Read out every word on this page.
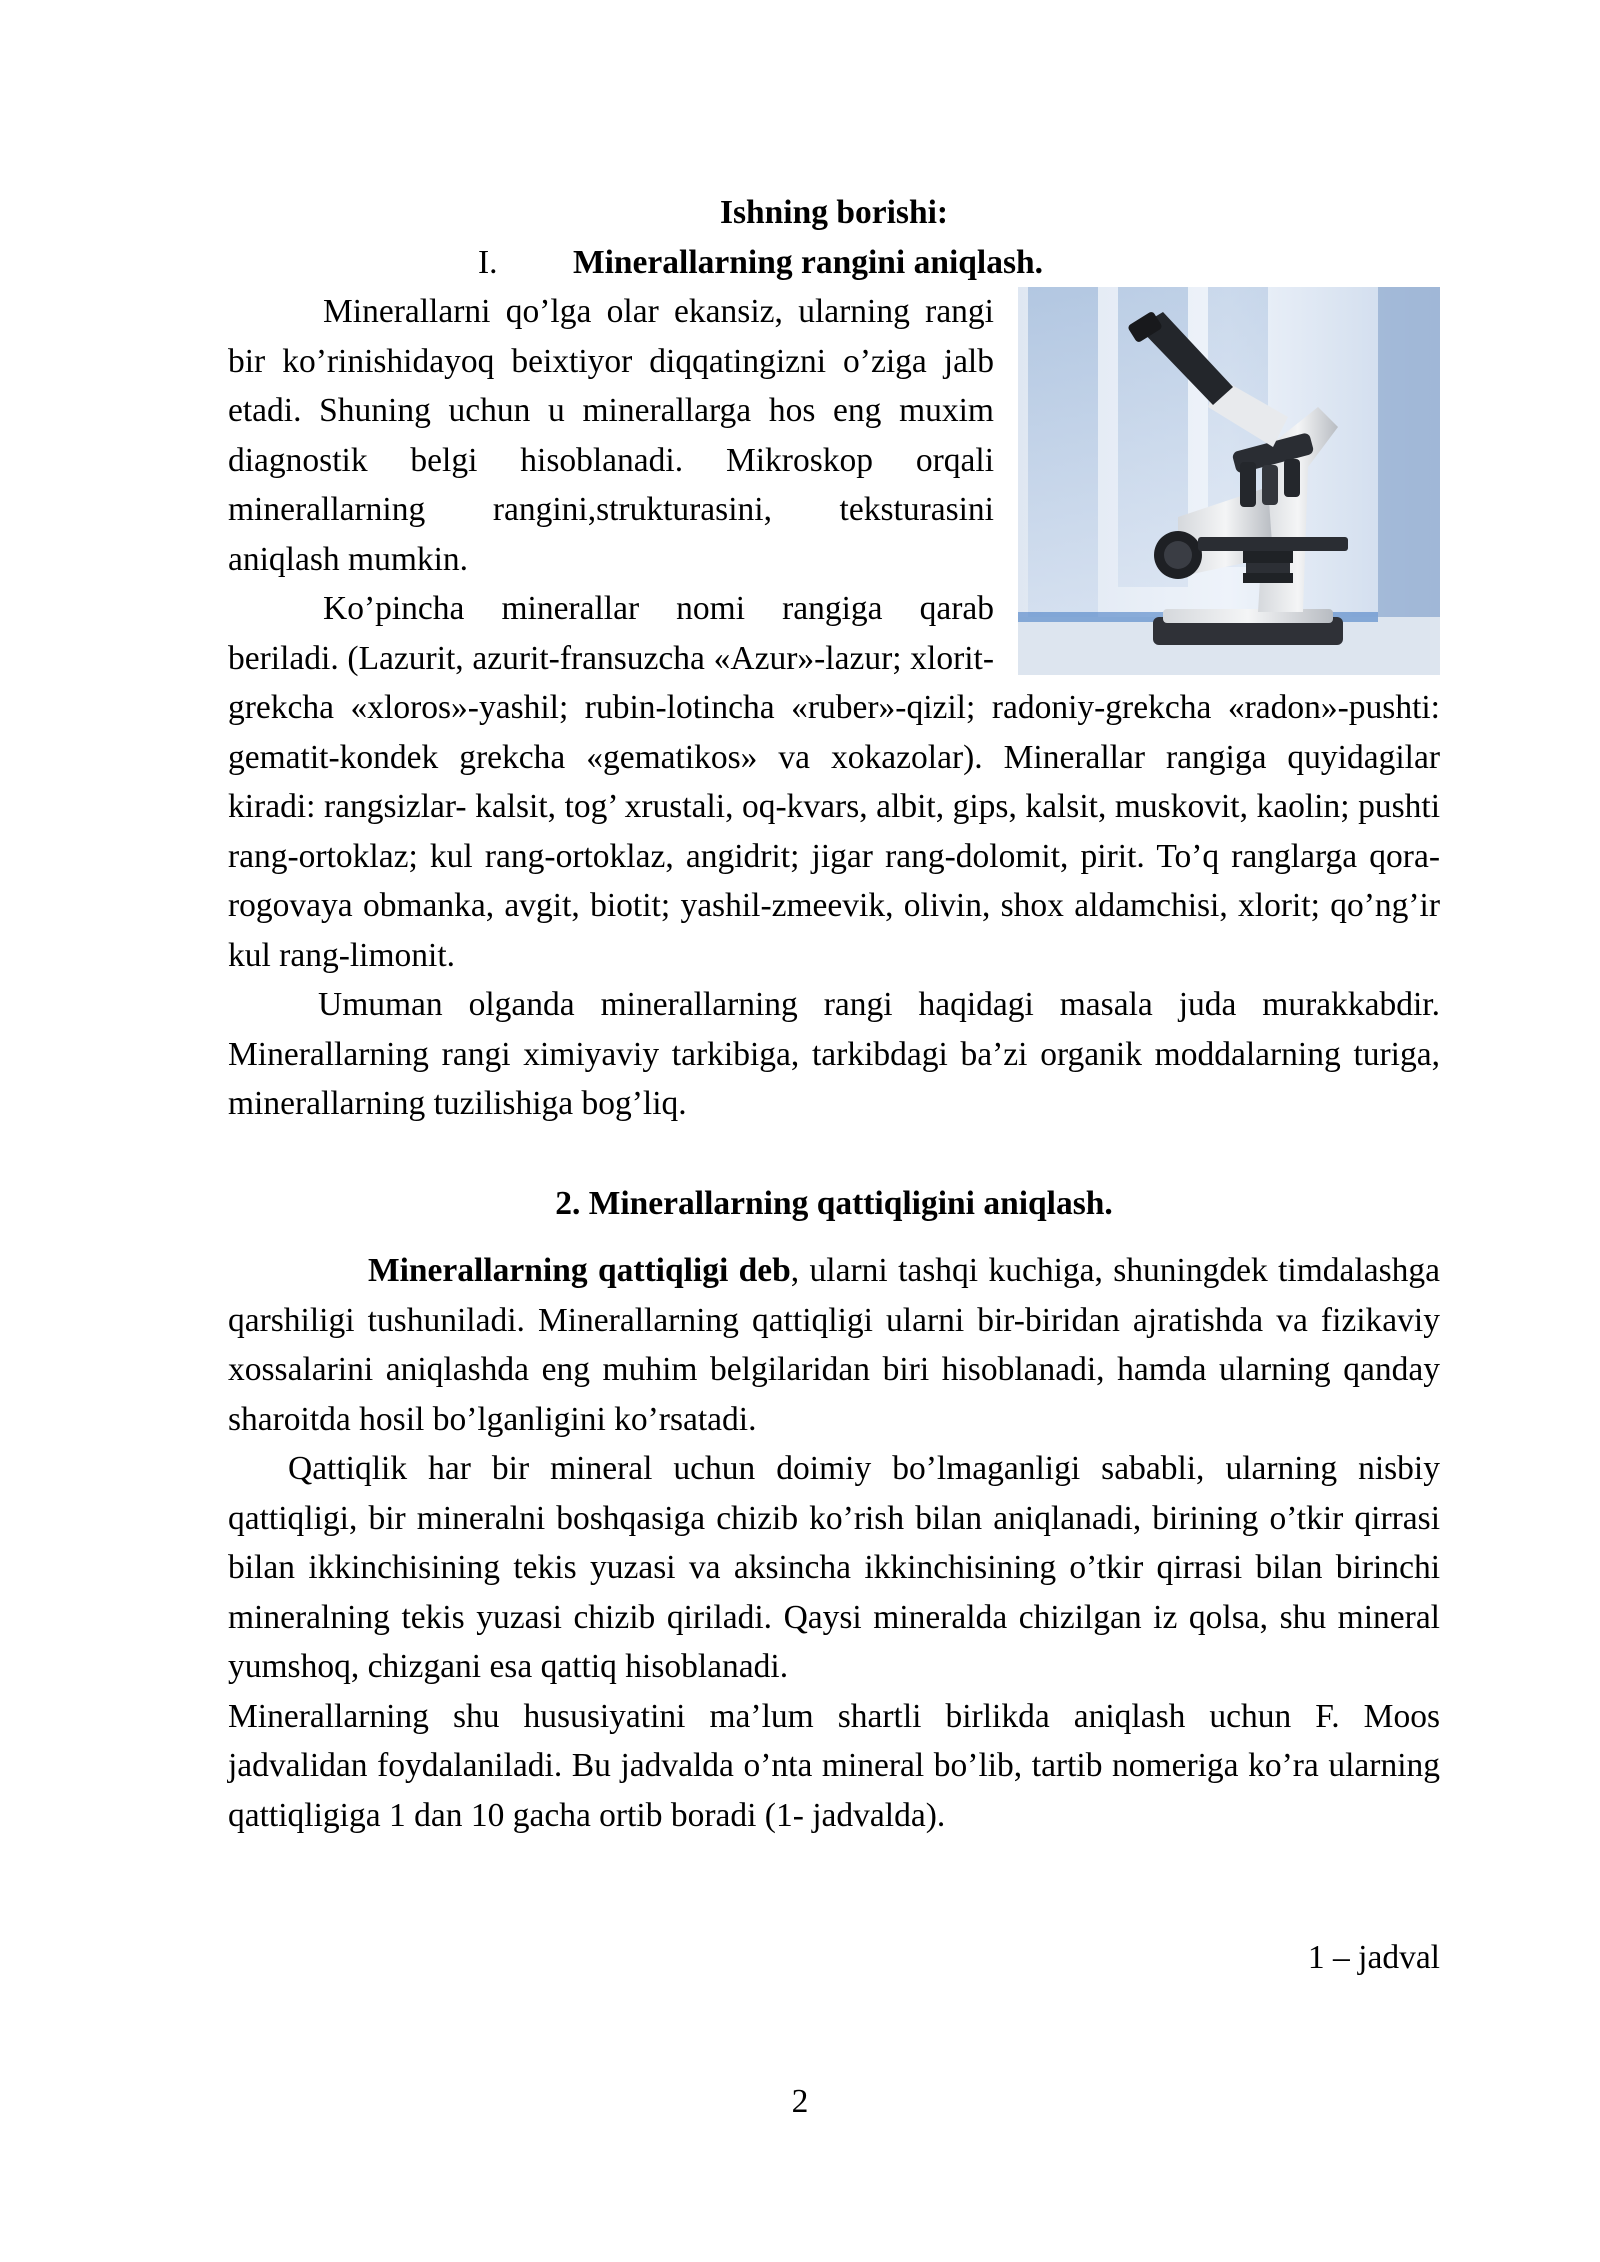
Ishning borishi:

I. Minerallarning rangini aniqlash.

Minerallarni qo’lga olar ekansiz, ularning rangi bir ko’rinishidayoq beixtiyor diqqatingizni o’ziga jalb etadi. Shuning uchun u minerallarga hos eng muxim diagnostik belgi hisoblanadi. Mikroskop orqali minerallarning rangini,strukturasini, teksturasini aniqlash mumkin.

Ko’pincha minerallar nomi rangiga qarab beriladi. (Lazurit, azurit-fransuzcha «Azur»-lazur; xlorit-grekcha «xloros»-yashil; rubin-lotincha «ruber»-qizil; radoniy-grekcha «radon»-pushti: gematit-kondek grekcha «gematikos» va xokazolar). Minerallar rangiga quyidagilar kiradi: rangsizlar- kalsit, tog’ xrustali, oq-kvars, albit, gips, kalsit, muskovit, kaolin; pushti rang-ortoklaz; kul rang-ortoklaz, angidrit; jigar rang-dolomit, pirit. To’q ranglarga qora-rogovaya obmanka, avgit, biotit; yashil-zmeevik, olivin, shox aldamchisi, xlorit; qo’ng’ir kul rang-limonit.

Umuman olganda minerallarning rangi haqidagi masala juda murakkabdir. Minerallarning rangi ximiyaviy tarkibiga, tarkibdagi ba’zi organik moddalarning turiga, minerallarning tuzilishiga bog’liq.

2. Minerallarning qattiqligini aniqlash.

Minerallarning qattiqligi deb, ularni tashqi kuchiga, shuningdek timdalashga qarshiligi tushuniladi. Minerallarning qattiqligi ularni bir-biridan ajratishda va fizikaviy xossalarini aniqlashda eng muhim belgilaridan biri hisoblanadi, hamda ularning qanday sharoitda hosil bo’lganligini ko’rsatadi.

Qattiqlik har bir mineral uchun doimiy bo’lmaganligi sababli, ularning nisbiy qattiqligi, bir mineralni boshqasiga chizib ko’rish bilan aniqlanadi, birining o’tkir qirrasi bilan ikkinchisining tekis yuzasi va aksincha ikkinchisining o’tkir qirrasi bilan birinchi mineralning tekis yuzasi chizib qiriladi. Qaysi mineralda chizilgan iz qolsa, shu mineral yumshoq, chizgani esa qattiq hisoblanadi.

Minerallarning shu hususiyatini ma’lum shartli birlikda aniqlash uchun F. Moos jadvalidan foydalaniladi. Bu jadvalda o’nta mineral bo’lib, tartib nomeriga ko’ra ularning qattiqligiga 1 dan 10 gacha ortib boradi (1- jadvalda).

1 – jadval

2
